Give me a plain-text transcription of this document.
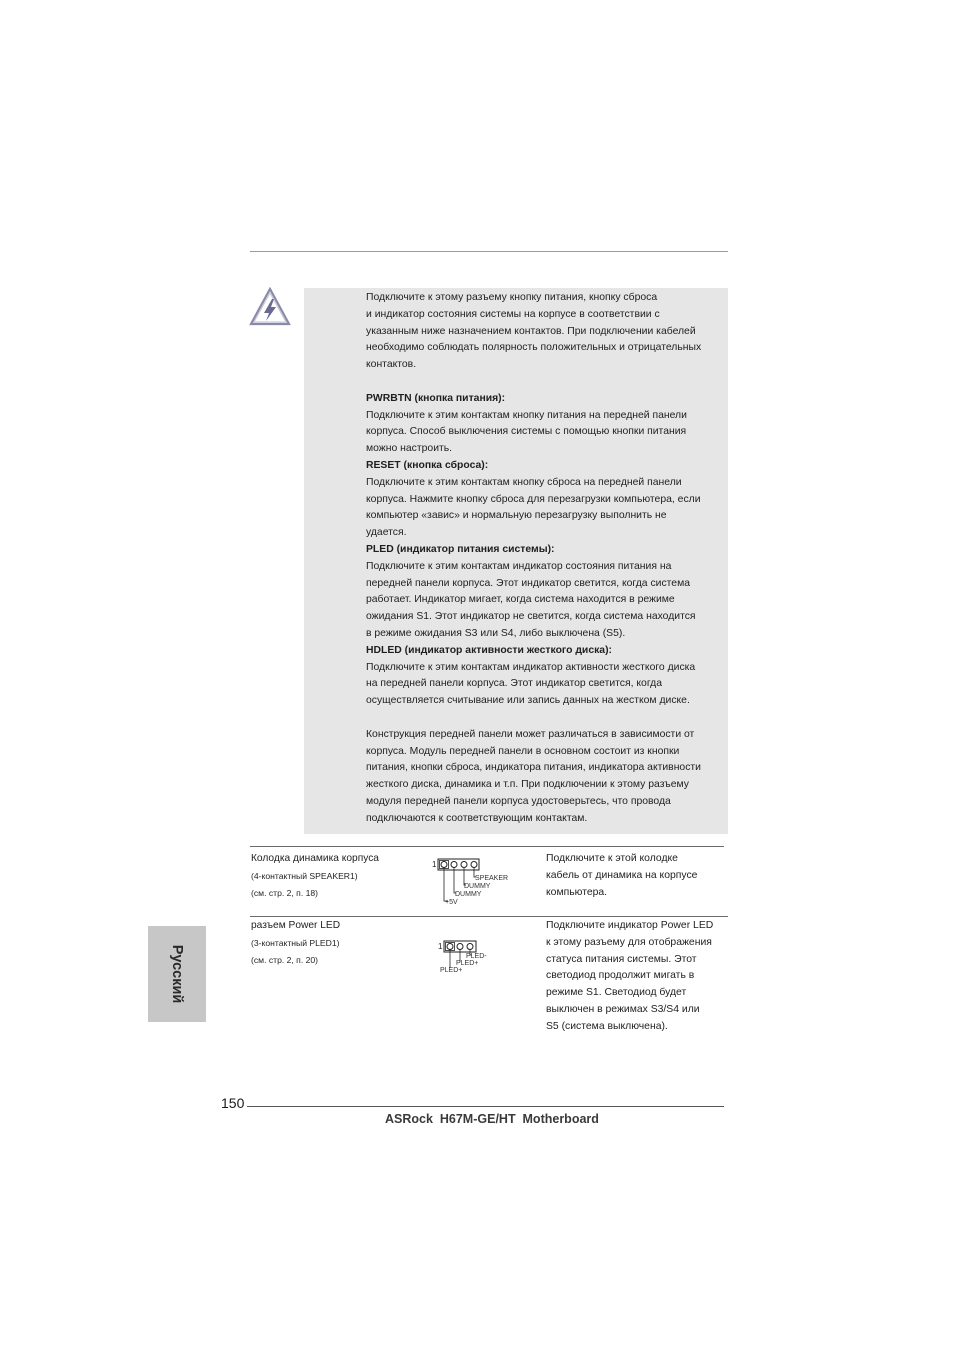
Подключите к этому разъему кнопку питания, кнопку сброса

и индикатор состояния системы на корпусе в соответствии с

указанным ниже назначением контактов. При подключении кабелей

необходимо соблюдать полярность положительных и отрицательных

контактов.

PWRBTN (кнопка питания):

Подключите к этим контактам кнопку питания на передней панели

корпуса. Способ выключения системы с помощью кнопки питания

можно настроить.

RESET (кнопка сброса):

Подключите к этим контактам кнопку сброса на передней панели

корпуса. Нажмите кнопку сброса для перезагрузки компьютера, если

компьютер «завис» и нормальную перезагрузку выполнить не

удается.

PLED (индикатор питания системы):

Подключите к этим контактам индикатор состояния питания на

передней панели корпуса. Этот индикатор светится, когда система

работает. Индикатор мигает, когда система находится в режиме

ожидания S1. Этот индикатор не светится, когда система находится

в режиме ожидания S3 или S4, либо выключена (S5).

HDLED (индикатор активности жесткого диска):

Подключите к этим контактам индикатор активности жесткого диска

на передней панели корпуса. Этот индикатор светится, когда

осуществляется считывание или запись данных на жестком диске.

Конструкция передней панели может различаться в зависимости от

корпуса. Модуль передней панели в основном состоит из кнопки

питания, кнопки сброса, индикатора питания, индикатора активности

жесткого диска, динамика и т.п. При подключении к этому разъему

модуля передней панели корпуса удостоверьтесь, что провода

подключаются к соответствующим контактам.

Колодка динамика корпуса
(4-контактный SPEAKER1)
(см. стр. 2, п. 18)
1
SPEAKER
DUMMY
DUMMY
+5V
Подключите к этой колодке
кабель от динамика на корпусе
компьютера.
разъем Power LED
(3-контактный PLED1)
(см. стр. 2, п. 20)
1
PLED-
PLED+
PLED+
Подключите индикатор Power LED
к этому разъему для отображения
статуса питания системы. Этот
светодиод продолжит мигать в
режиме S1. Светодиод будет
выключен в режимах S3/S4 или
S5 (система выключена).
Русский
150
ASRock  H67M-GE/HT  Motherboard
